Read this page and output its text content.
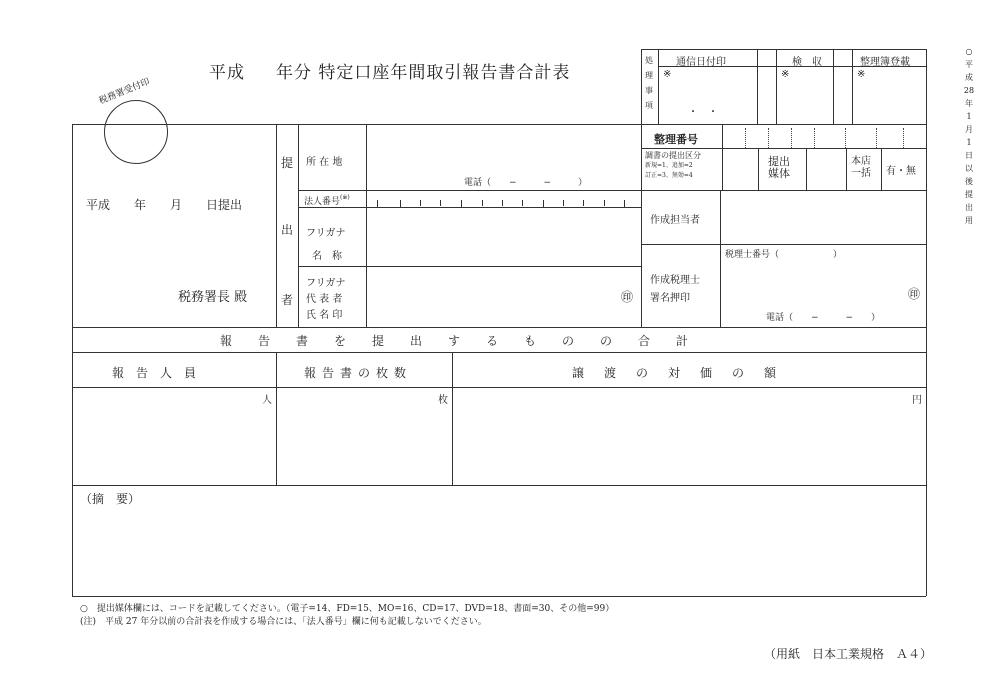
平成 年分 特定口座年間取引報告書合計表
税務署受付印
処
理
事
項
通信日付印	検　収	整理簿登載
※	※	※
・　・
○
平
成
28
年
1
月
1
日
以
後
提
出
用
平成　　年　　月　　日提出
税務署長 殿
提
出
者
所 在 地
電話（　　−　　　−　　　）
法人番号(※)
フリガナ
名　称
フリガナ
代 表 者
氏 名 印
㊞
整理番号
調書の提出区分
新規=1、追加=2
訂正=3、無効=4
提出媒体
本店一括	有・無
作成担当者
税理士番号（　　　　　　）
作成税理士
署名押印	㊞
電話（　　−　　　−　　）
報告書を提出するものの合計
報告人員	報告書の枚数	譲渡の対価の額
人	枚	円
（摘　要）
○　提出媒体欄には、コードを記載してください。（電子=14、FD=15、MO=16、CD=17、DVD=18、書面=30、その他=99）
(注)　平成 27 年分以前の合計表を作成する場合には、「法人番号」欄に何も記載しないでください。
（用紙　日本工業規格　Ａ４）
